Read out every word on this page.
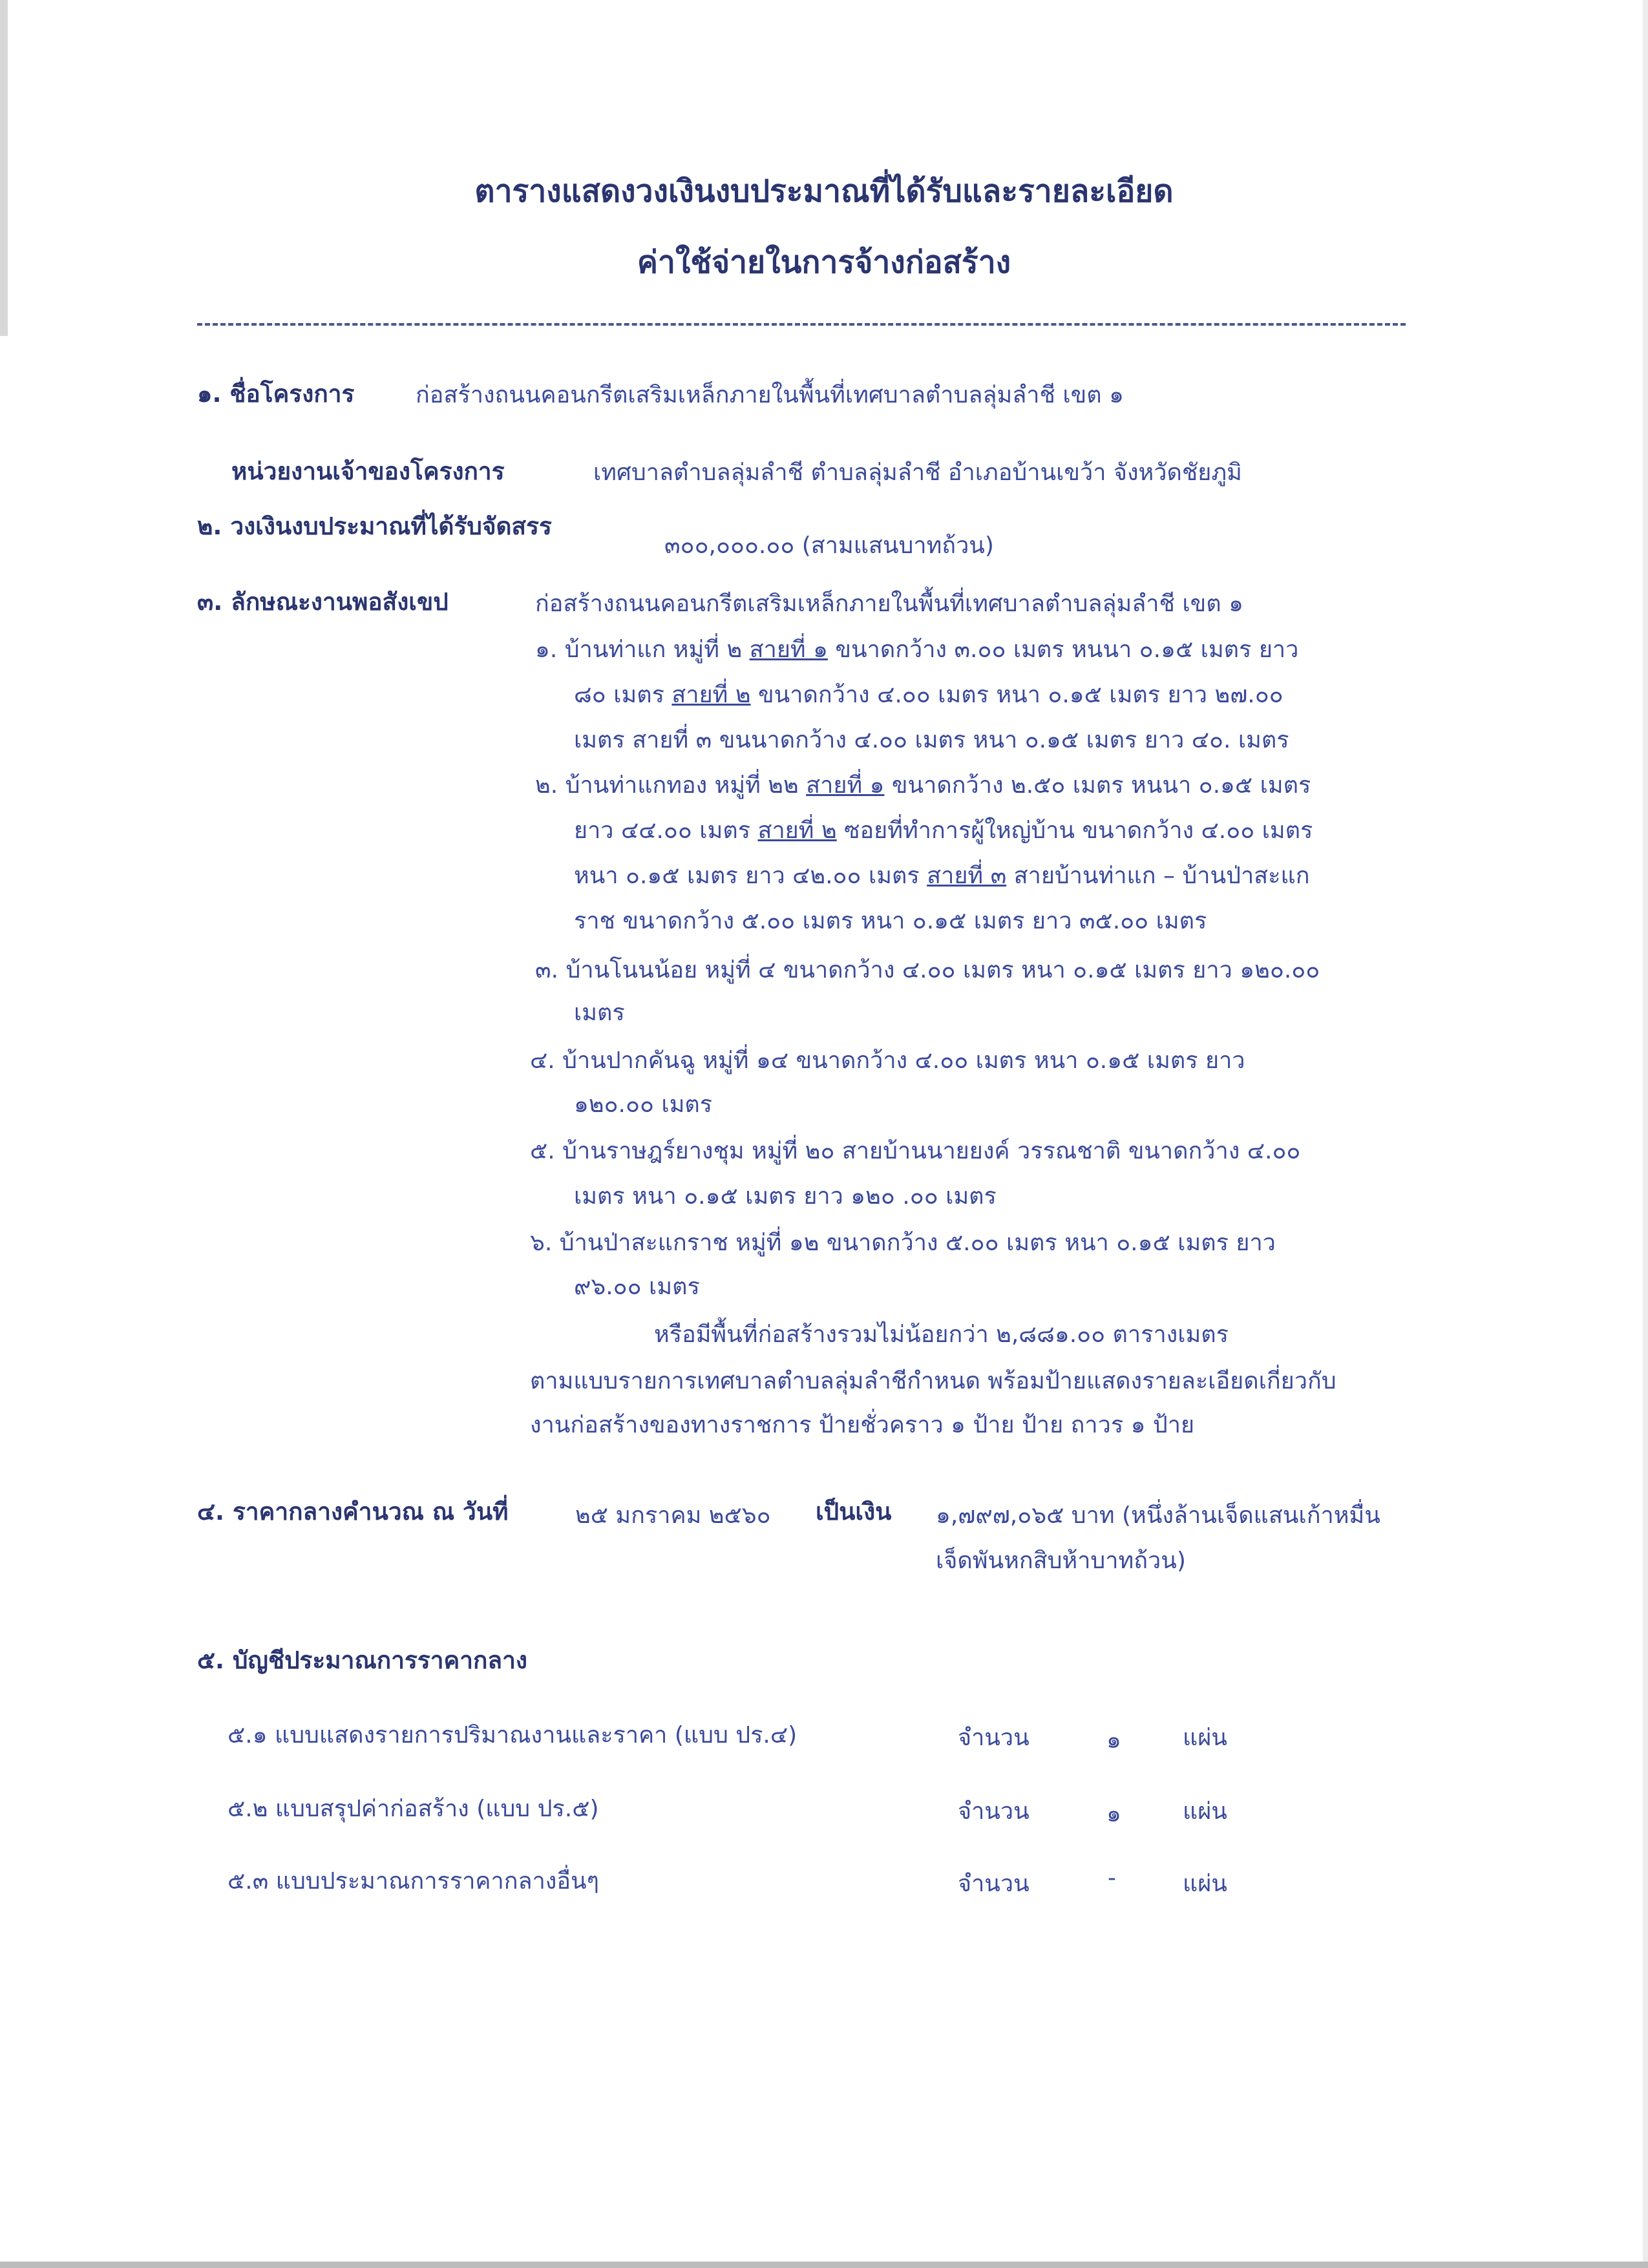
ตารางแสดงวงเงินงบประมาณที่ได้รับและรายละเอียด
ค่าใช้จ่ายในการจ้างก่อสร้าง
๑. ชื่อโครงการ	ก่อสร้างถนนคอนกรีตเสริมเหล็กภายในพื้นที่เทศบาลตำบลลุ่มลำชี เขต ๑
หน่วยงานเจ้าของโครงการ	เทศบาลตำบลลุ่มลำชี ตำบลลุ่มลำชี อำเภอบ้านเขว้า จังหวัดชัยภูมิ
๒. วงเงินงบประมาณที่ได้รับจัดสรร
๓๐๐,๐๐๐.๐๐ (สามแสนบาทถ้วน)
๓. ลักษณะงานพอสังเขป	ก่อสร้างถนนคอนกรีตเสริมเหล็กภายในพื้นที่เทศบาลตำบลลุ่มลำชี เขต ๑
๑. บ้านท่าแก หมู่ที่ ๒ สายที่ ๑ ขนาดกว้าง ๓.๐๐ เมตร หนนา ๐.๑๕ เมตร ยาว
๘๐ เมตร สายที่ ๒ ขนาดกว้าง ๔.๐๐ เมตร หนา ๐.๑๕ เมตร ยาว ๒๗.๐๐
เมตร สายที่ ๓ ขนนาดกว้าง ๔.๐๐ เมตร หนา ๐.๑๕ เมตร ยาว ๔๐. เมตร
๒. บ้านท่าแกทอง หมู่ที่ ๒๒ สายที่ ๑ ขนาดกว้าง ๒.๕๐ เมตร หนนา ๐.๑๕ เมตร
ยาว ๔๔.๐๐ เมตร สายที่ ๒ ซอยที่ทำการผู้ใหญ่บ้าน ขนาดกว้าง ๔.๐๐ เมตร
หนา ๐.๑๕ เมตร ยาว ๔๒.๐๐ เมตร สายที่ ๓ สายบ้านท่าแก – บ้านป่าสะแก
ราช ขนาดกว้าง ๕.๐๐ เมตร หนา ๐.๑๕ เมตร ยาว ๓๕.๐๐ เมตร
๓. บ้านโนนน้อย หมู่ที่ ๔ ขนาดกว้าง ๔.๐๐ เมตร หนา ๐.๑๕ เมตร ยาว ๑๒๐.๐๐
เมตร
๔. บ้านปากคันฉู หมู่ที่ ๑๔ ขนาดกว้าง ๔.๐๐ เมตร หนา ๐.๑๕ เมตร ยาว
๑๒๐.๐๐ เมตร
๕. บ้านราษฎร์ยางชุม หมู่ที่ ๒๐ สายบ้านนายยงค์ วรรณชาติ ขนาดกว้าง ๔.๐๐
เมตร หนา ๐.๑๕ เมตร ยาว ๑๒๐ .๐๐ เมตร
๖. บ้านป่าสะแกราช หมู่ที่ ๑๒ ขนาดกว้าง ๕.๐๐ เมตร หนา ๐.๑๕ เมตร ยาว
๙๖.๐๐ เมตร
หรือมีพื้นที่ก่อสร้างรวมไม่น้อยกว่า ๒,๘๘๑.๐๐ ตารางเมตร
ตามแบบรายการเทศบาลตำบลลุ่มลำชีกำหนด พร้อมป้ายแสดงรายละเอียดเกี่ยวกับ
งานก่อสร้างของทางราชการ ป้ายชั่วคราว ๑ ป้าย ป้าย ถาวร ๑ ป้าย
๔. ราคากลางคำนวณ ณ วันที่	๒๕ มกราคม ๒๕๖๐ เป็นเงิน ๑,๗๙๗,๐๖๕ บาท (หนึ่งล้านเจ็ดแสนเก้าหมื่น
เจ็ดพันหกสิบห้าบาทถ้วน)
๕. บัญชีประมาณการราคากลาง
๕.๑ แบบแสดงรายการปริมาณงานและราคา (แบบ ปร.๔)	จำนวน	๑	แผ่น
๕.๒ แบบสรุปค่าก่อสร้าง (แบบ ปร.๕)	จำนวน	๑	แผ่น
๕.๓ แบบประมาณการราคากลางอื่นๆ	จำนวน	-	แผ่น
